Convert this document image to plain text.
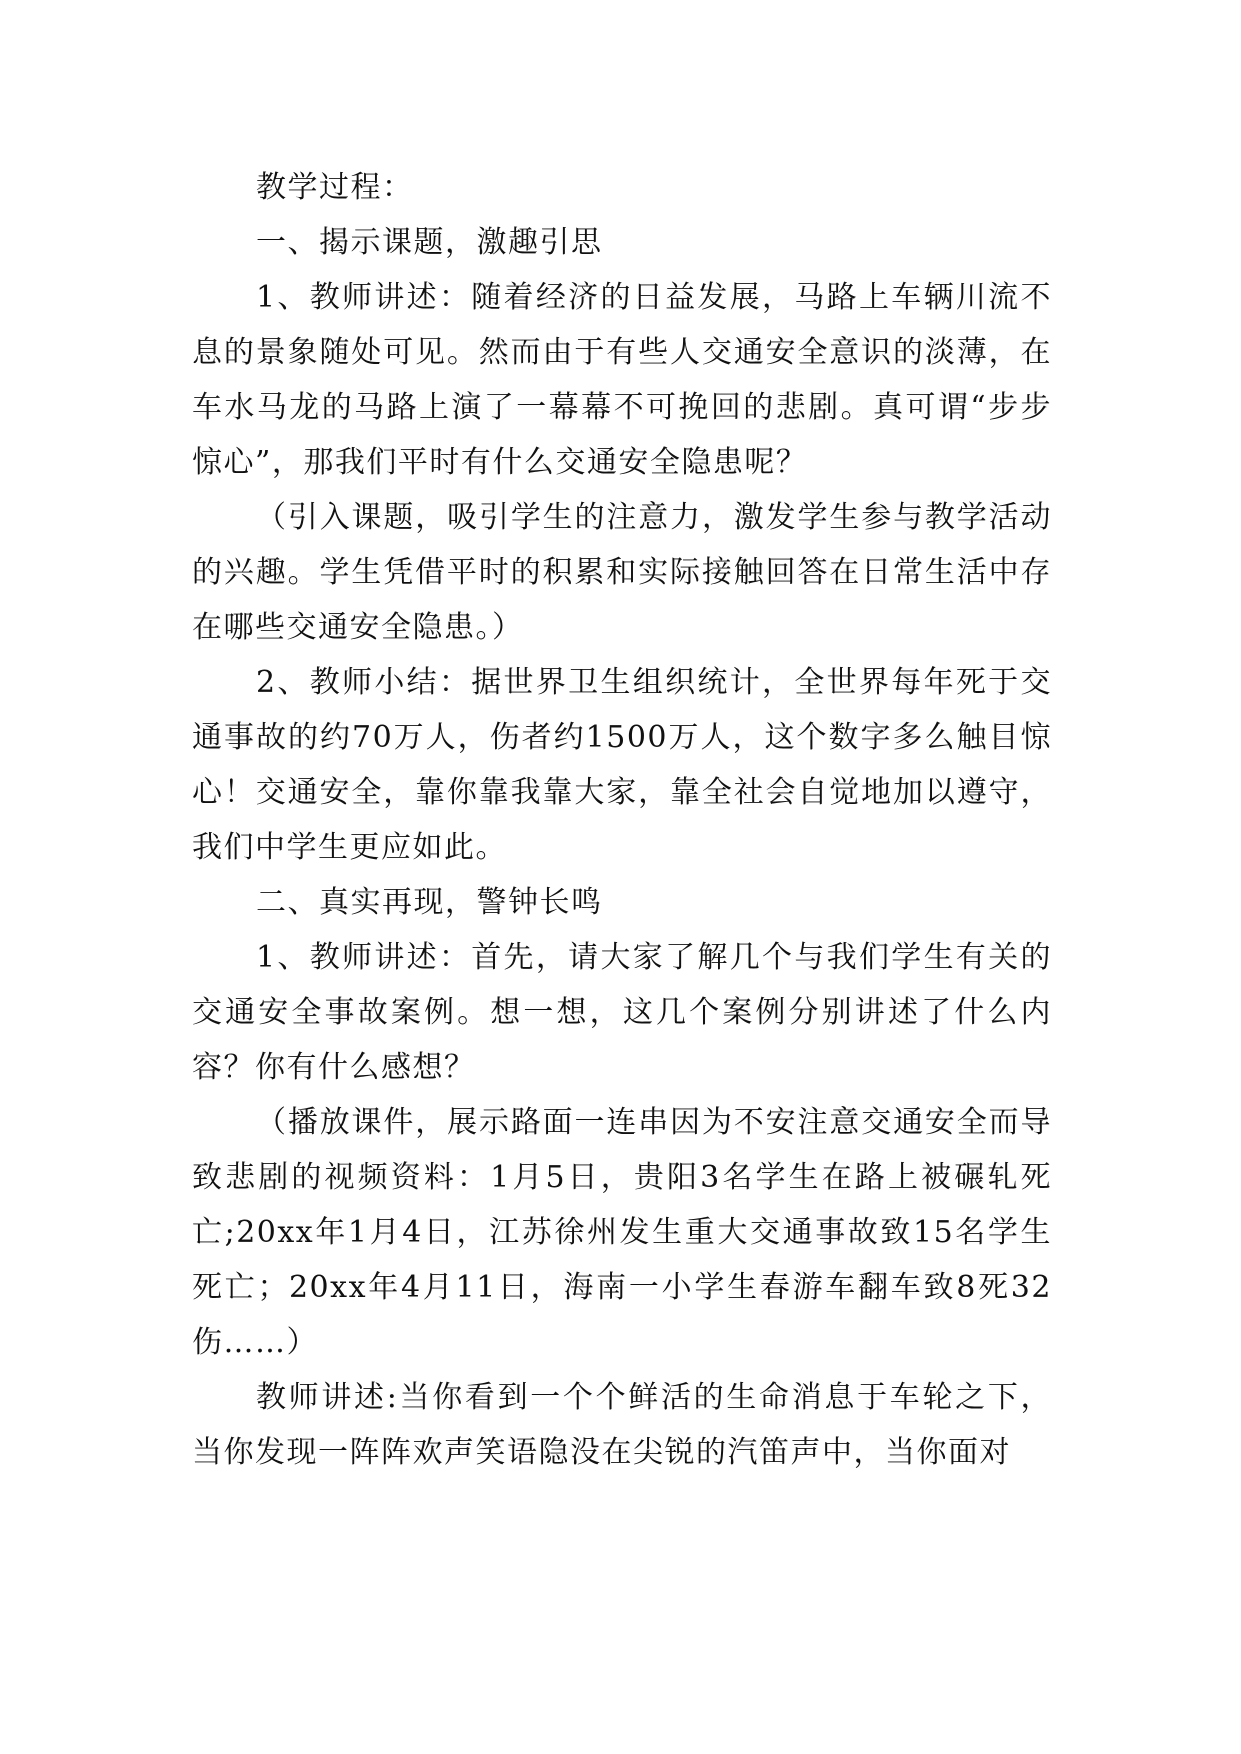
教学过程：

一、揭示课题，激趣引思

1、教师讲述：随着经济的日益发展，马路上车辆川流不息的景象随处可见。然而由于有些人交通安全意识的淡薄，在车水马龙的马路上演了一幕幕不可挽回的悲剧。真可谓“步步惊心”，那我们平时有什么交通安全隐患呢？

（引入课题，吸引学生的注意力，激发学生参与教学活动的兴趣。学生凭借平时的积累和实际接触回答在日常生活中存在哪些交通安全隐患。）

2、教师小结：据世界卫生组织统计，全世界每年死于交通事故的约70万人，伤者约1500万人，这个数字多么触目惊心！交通安全，靠你靠我靠大家，靠全社会自觉地加以遵守，我们中学生更应如此。

二、真实再现，警钟长鸣

1、教师讲述：首先，请大家了解几个与我们学生有关的交通安全事故案例。想一想，这几个案例分别讲述了什么内容？你有什么感想？

（播放课件，展示路面一连串因为不安注意交通安全而导致悲剧的视频资料：1月5日，贵阳3名学生在路上被碾轧死亡;20xx年1月4日，江苏徐州发生重大交通事故致15名学生死亡；20xx年4月11日，海南一小学生春游车翻车致8死32伤……）

教师讲述:当你看到一个个鲜活的生命消息于车轮之下，当你发现一阵阵欢声笑语隐没在尖锐的汽笛声中，当你面对
